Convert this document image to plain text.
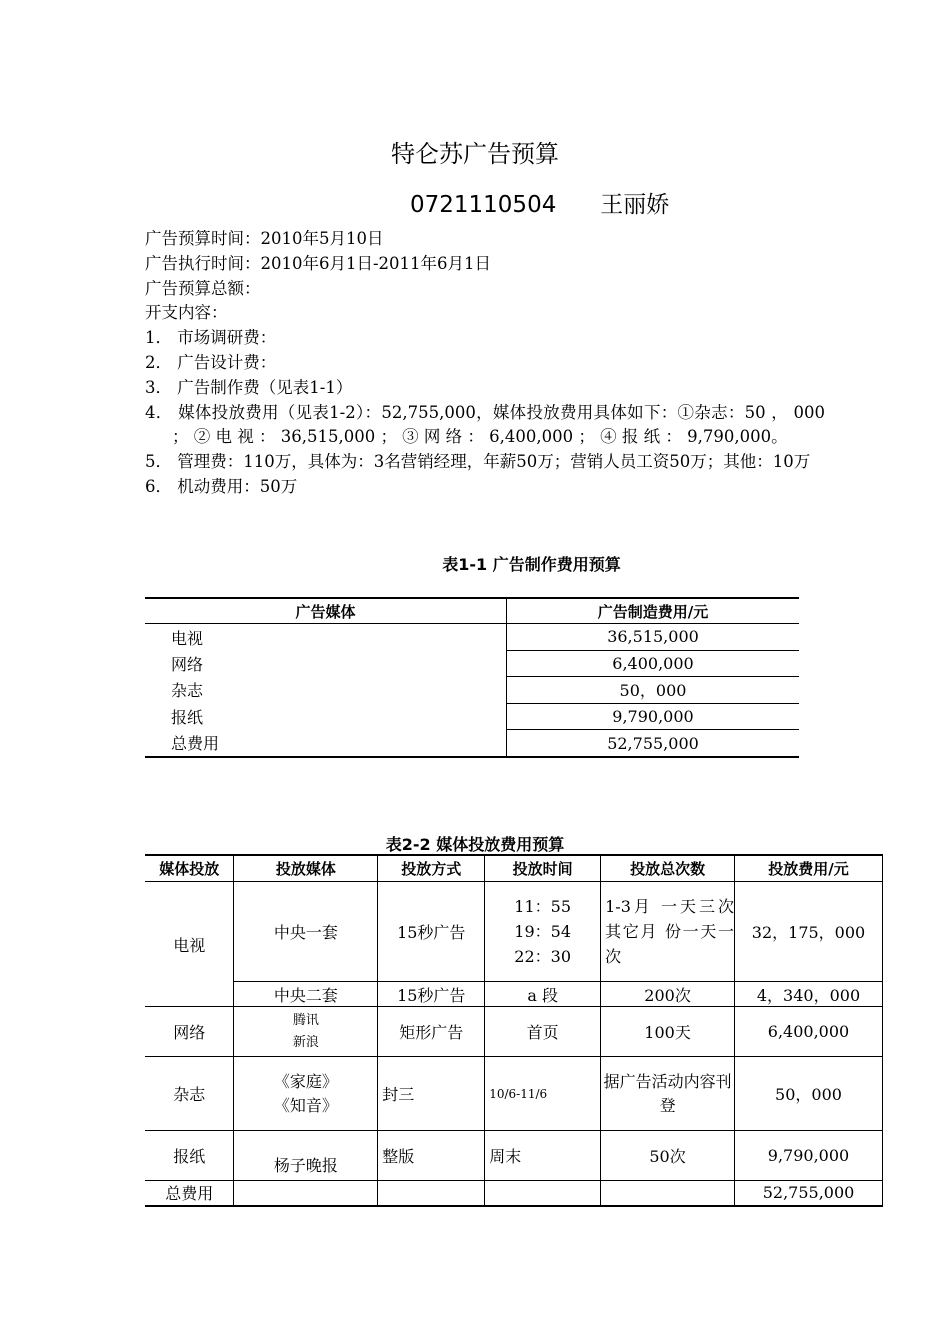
特仑苏广告预算
0721110504 王丽娇

广告预算时间：2010年5月10日

广告执行时间：2010年6月1日-2011年6月1日

广告预算总额：

开支内容：

1． 市场调研费：

2． 广告设计费：

3． 广告制作费（见表1-1）

4． 媒体投放费用（见表1-2）：52,755,000，媒体投放费用具体如下：①杂志：50 ， 000 ； ② 电 视 ： 36,515,000 ； ③ 网 络 ： 6,400,000 ； ④ 报 纸 ： 9,790,000。

5． 管理费：110万，具体为：3名营销经理，年薪50万；营销人员工资50万；其他：10万

6． 机动费用：50万

表1-1 广告制作费用预算
广告媒体	广告制造费用/元
电视	36,515,000
网络	6,400,000
杂志	50，000
报纸	9,790,000
总费用	52,755,000
表2-2 媒体投放费用预算
媒体投放	投放媒体	投放方式	投放时间	投放总次数	投放费用/元
电视	中央一套	15秒广告	11：55
19：54
22：30	1-3月 一天三次 其它月 份一天一次	32，175，000
	中央二套	15秒广告	a 段	200次	4，340，000
网络	腾讯
新浪	矩形广告	首页	100天	6,400,000
杂志	《家庭》
《知音》	封三	10/6-11/6	据广告活动内容刊登	50，000
报纸	杨子晚报	整版	周末	50次	9,790,000
总费用					52,755,000
